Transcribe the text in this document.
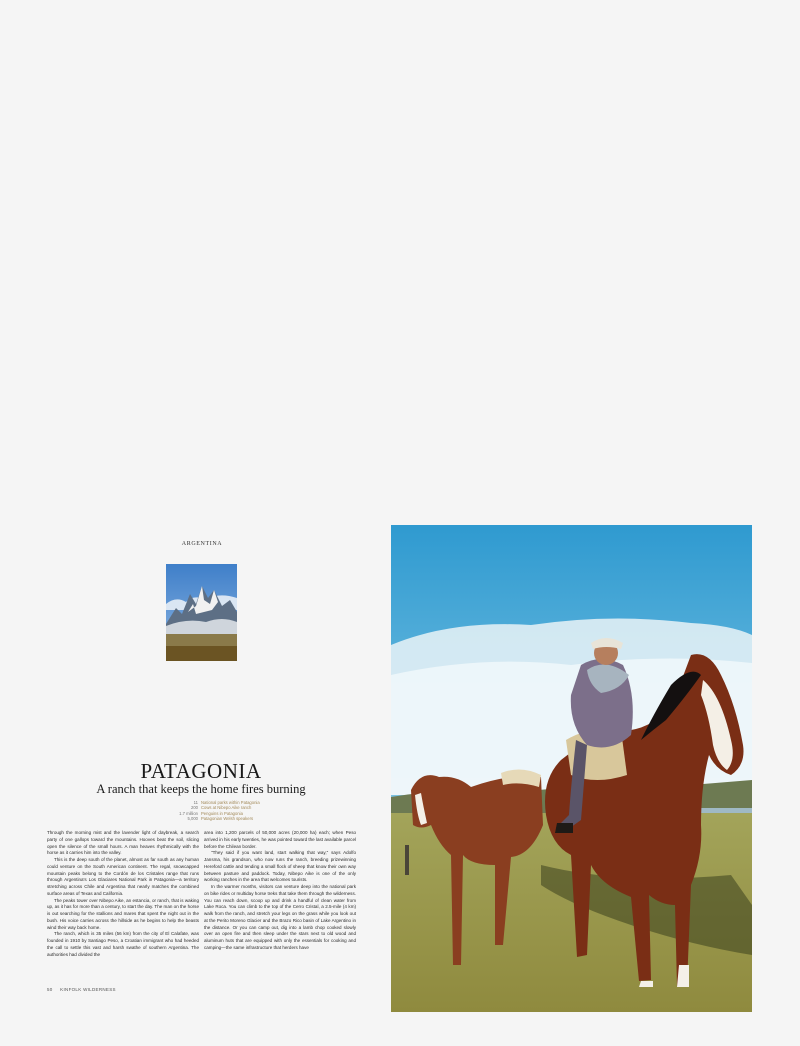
ARGENTINA
PATAGONIA
A ranch that keeps the home fires burning
11 National parks within Patagonia
200 Cows at Nibepo Aike ranch
1.7 million Penguins in Patagonia
5,000 Patagonian Welsh speakers

Through the morning mist and the lavender light of daybreak, a search party of one gallops toward the mountains. Hooves beat the soil, slicing open the silence of the small hours. A man heaves rhythmically with the horse as it carries him into the valley.

This is the deep south of the planet, almost as far south as any human could venture on the South American continent. The regal, snowcapped mountain peaks belong to the Cordón de los Cristales range that runs through Argentina's Los Glaciares National Park in Patagonia—a territory stretching across Chile and Argentina that nearly matches the combined surface areas of Texas and California.

The peaks tower over Nibepo Aike, an estancia, or ranch, that is waking up, as it has for more than a century, to start the day. The man on the horse is out searching for the stallions and mares that spent the night out in the bush. His voice carries across the hillside as he begins to help the beasts wind their way back home.

The ranch, which is 35 miles (56 km) from the city of El Calafate, was founded in 1910 by Santiago Peso, a Croatian immigrant who had heeded the call to settle this vast and harsh swathe of southern Argentina. The authorities had divided the

area into 1,200 parcels of 50,000 acres (20,000 ha) each; when Peso arrived in his early twenties, he was pointed toward the last available parcel before the Chilean border.

"They said if you want land, start walking that way," says Adolfo Jansma, his grandson, who now runs the ranch, breeding prizewinning Hereford cattle and tending a small flock of sheep that know their own way between pasture and paddock. Today, Nibepo Aike is one of the only working ranches in the area that welcomes tourists.

In the warmer months, visitors can venture deep into the national park on bike rides or multiday horse treks that take them through the wilderness. You can reach down, scoop up and drink a handful of clean water from Lake Roca. You can climb to the top of the Cerro Cristal, a 2.5-mile (4 km) walk from the ranch, and stretch your legs on the grass while you look out at the Perito Moreno Glacier and the Brazo Rico basin of Lake Argentino in the distance. Or you can camp out, dig into a lamb chop cooked slowly over an open fire and then sleep under the stars next to old wood and aluminum huts that are equipped with only the essentials for cooking and camping—the same infrastructure that herders have

50 KINFOLK WILDERNESS
